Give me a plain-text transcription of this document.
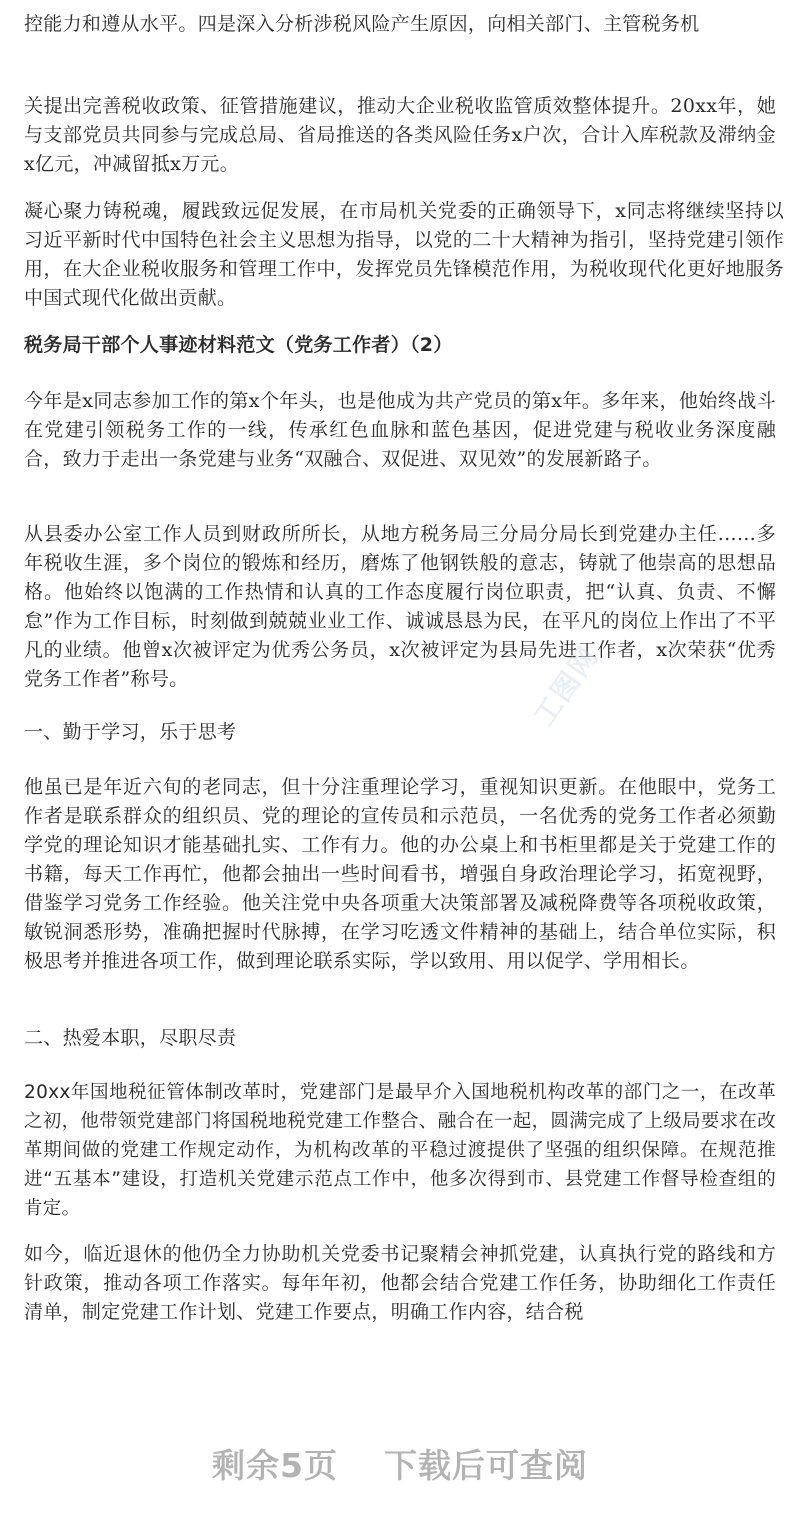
控能力和遵从水平。四是深入分析涉税风险产生原因，向相关部门、主管税务机

关提出完善税收政策、征管措施建议，推动大企业税收监管质效整体提升。20xx年，她与支部党员共同参与完成总局、省局推送的各类风险任务x户次，合计入库税款及滞纳金x亿元，冲减留抵x万元。

凝心聚力铸税魂，履践致远促发展，在市局机关党委的正确领导下，x同志将继续坚持以习近平新时代中国特色社会主义思想为指导，以党的二十大精神为指引，坚持党建引领作用，在大企业税收服务和管理工作中，发挥党员先锋模范作用，为税收现代化更好地服务中国式现代化做出贡献。

税务局干部个人事迹材料范文（党务工作者）（2）

今年是x同志参加工作的第x个年头，也是他成为共产党员的第x年。多年来，他始终战斗在党建引领税务工作的一线，传承红色血脉和蓝色基因，促进党建与税收业务深度融合，致力于走出一条党建与业务“双融合、双促进、双见效”的发展新路子。

从县委办公室工作人员到财政所所长，从地方税务局三分局分局长到党建办主任……多年税收生涯，多个岗位的锻炼和经历，磨炼了他钢铁般的意志，铸就了他崇高的思想品格。他始终以饱满的工作热情和认真的工作态度履行岗位职责，把“认真、负责、不懈怠”作为工作目标，时刻做到兢兢业业工作、诚诚恳恳为民，在平凡的岗位上作出了不平凡的业绩。他曾x次被评定为优秀公务员，x次被评定为县局先进工作者，x次荣获“优秀党务工作者”称号。

一、勤于学习，乐于思考

他虽已是年近六旬的老同志，但十分注重理论学习，重视知识更新。在他眼中，党务工作者是联系群众的组织员、党的理论的宣传员和示范员，一名优秀的党务工作者必须勤学党的理论知识才能基础扎实、工作有力。他的办公桌上和书柜里都是关于党建工作的书籍，每天工作再忙，他都会抽出一些时间看书，增强自身政治理论学习，拓宽视野，借鉴学习党务工作经验。他关注党中央各项重大决策部署及减税降费等各项税收政策，敏锐洞悉形势，准确把握时代脉搏，在学习吃透文件精神的基础上，结合单位实际，积极思考并推进各项工作，做到理论联系实际，学以致用、用以促学、学用相长。

二、热爱本职，尽职尽责

20xx年国地税征管体制改革时，党建部门是最早介入国地税机构改革的部门之一，在改革之初，他带领党建部门将国税地税党建工作整合、融合在一起，圆满完成了上级局要求在改革期间做的党建工作规定动作，为机构改革的平稳过渡提供了坚强的组织保障。在规范推进“五基本”建设，打造机关党建示范点工作中，他多次得到市、县党建工作督导检查组的肯定。

如今，临近退休的他仍全力协助机关党委书记聚精会神抓党建，认真执行党的路线和方针政策，推动各项工作落实。每年年初，他都会结合党建工作任务，协助细化工作责任清单，制定党建工作计划、党建工作要点，明确工作内容，结合税

工图网
剩余5页 下载后可查阅
